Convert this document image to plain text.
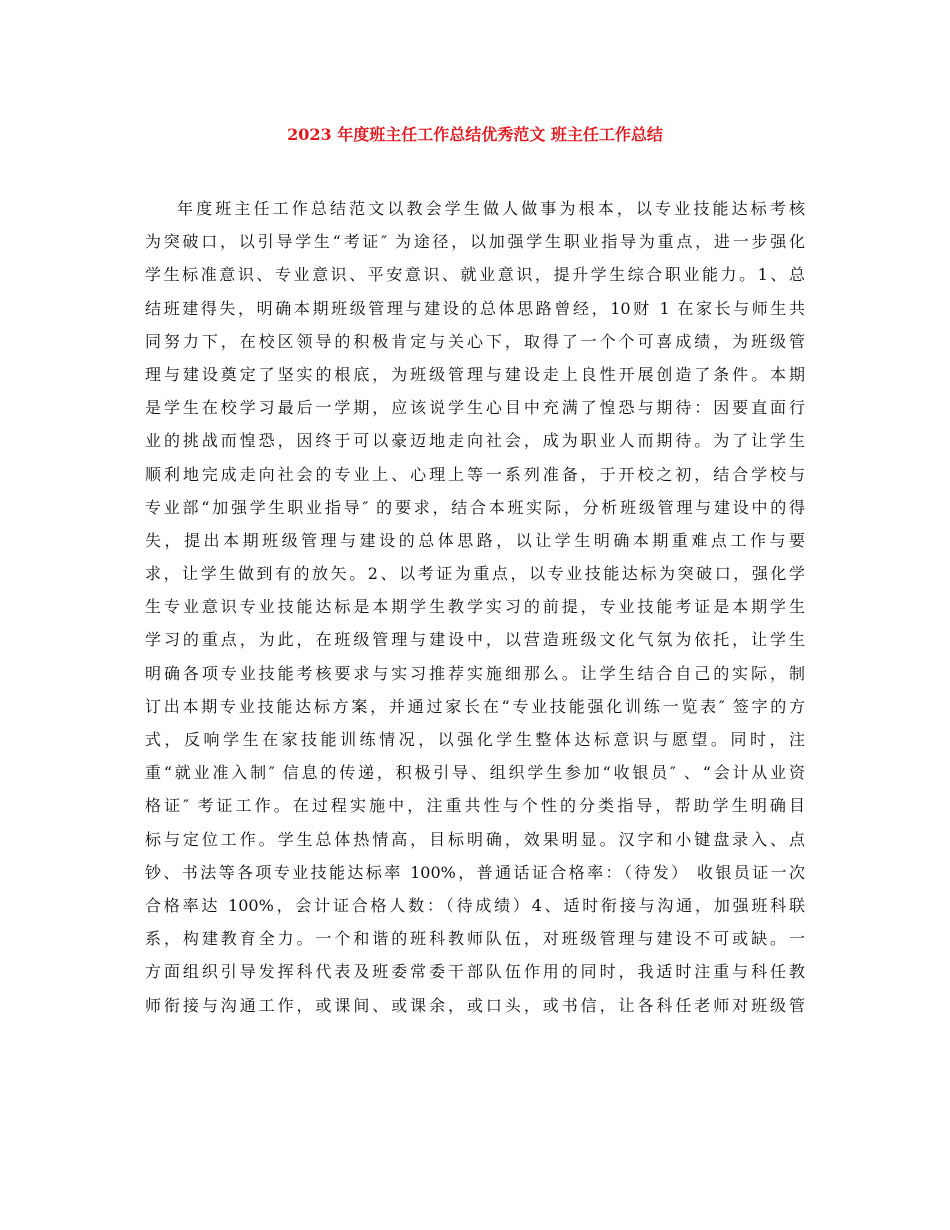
2023 年度班主任工作总结优秀范文 班主任工作总结
年度班主任工作总结范文以教会学生做人做事为根本，以专业技能达标考核
为突破口，以引导学生“考证″ 为途径，以加强学生职业指导为重点，进一步强化
学生标准意识、专业意识、平安意识、就业意识，提升学生综合职业能力。1、总
结班建得失，明确本期班级管理与建设的总体思路曾经，10财 1 在家长与师生共
同努力下，在校区领导的积极肯定与关心下，取得了一个个可喜成绩，为班级管
理与建设奠定了坚实的根底，为班级管理与建设走上良性开展创造了条件。本期
是学生在校学习最后一学期，应该说学生心目中充满了惶恐与期待：因要直面行
业的挑战而惶恐，因终于可以豪迈地走向社会，成为职业人而期待。为了让学生
顺利地完成走向社会的专业上、心理上等一系列准备，于开校之初，结合学校与
专业部“加强学生职业指导″ 的要求，结合本班实际，分析班级管理与建设中的得
失，提出本期班级管理与建设的总体思路，以让学生明确本期重难点工作与要
求，让学生做到有的放矢。2、以考证为重点，以专业技能达标为突破口，强化学
生专业意识专业技能达标是本期学生教学实习的前提，专业技能考证是本期学生
学习的重点，为此，在班级管理与建设中，以营造班级文化气氛为依托，让学生
明确各项专业技能考核要求与实习推荐实施细那么。让学生结合自己的实际，制
订出本期专业技能达标方案，并通过家长在“专业技能强化训练一览表″ 签字的方
式，反响学生在家技能训练情况，以强化学生整体达标意识与愿望。同时，注
重“就业准入制″ 信息的传递，积极引导、组织学生参加“收银员″ 、“会计从业资
格证″ 考证工作。在过程实施中，注重共性与个性的分类指导，帮助学生明确目
标与定位工作。学生总体热情高，目标明确，效果明显。汉字和小键盘录入、点
钞、书法等各项专业技能达标率 100%，普通话证合格率：（待发） 收银员证一次
合格率达 100%，会计证合格人数：（待成绩）4、适时衔接与沟通，加强班科联
系，构建教育全力。一个和谐的班科教师队伍，对班级管理与建设不可或缺。一
方面组织引导发挥科代表及班委常委干部队伍作用的同时，我适时注重与科任教
师衔接与沟通工作，或课间、或课余，或口头，或书信，让各科任老师对班级管
